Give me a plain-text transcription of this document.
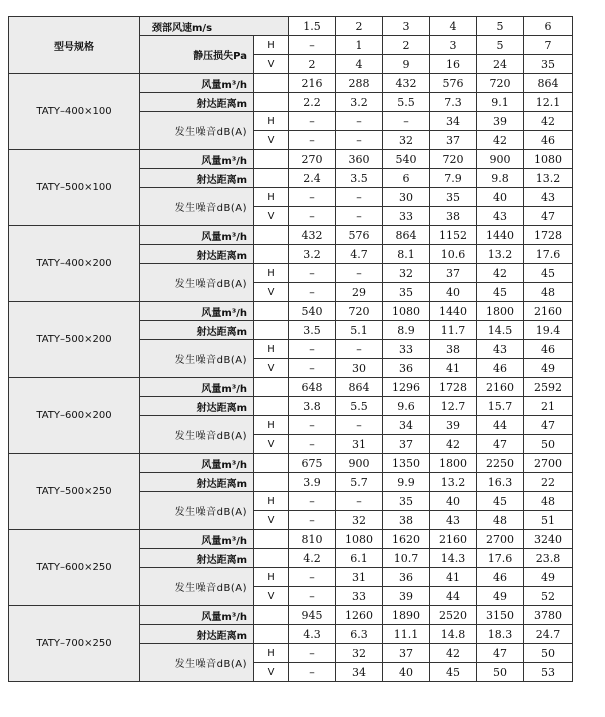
型号规格	颈部风速m/s		1.5	2	3	4	5	6
	静压损失Pa	H	–	1	2	3	5	7
		V	2	4	9	16	24	35
TATY–400×100	风量m³/h		216	288	432	576	720	864
	射达距离m		2.2	3.2	5.5	7.3	9.1	12.1
	发生噪音dB(A)	H	–	–	–	34	39	42
		V	–	–	32	37	42	46
TATY–500×100	风量m³/h		270	360	540	720	900	1080
	射达距离m		2.4	3.5	6	7.9	9.8	13.2
	发生噪音dB(A)	H	–	–	30	35	40	43
		V	–	–	33	38	43	47
TATY–400×200	风量m³/h		432	576	864	1152	1440	1728
	射达距离m		3.2	4.7	8.1	10.6	13.2	17.6
	发生噪音dB(A)	H	–	–	32	37	42	45
		V	–	29	35	40	45	48
TATY–500×200	风量m³/h		540	720	1080	1440	1800	2160
	射达距离m		3.5	5.1	8.9	11.7	14.5	19.4
	发生噪音dB(A)	H	–	–	33	38	43	46
		V	–	30	36	41	46	49
TATY–600×200	风量m³/h		648	864	1296	1728	2160	2592
	射达距离m		3.8	5.5	9.6	12.7	15.7	21
	发生噪音dB(A)	H	–	–	34	39	44	47
		V	–	31	37	42	47	50
TATY–500×250	风量m³/h		675	900	1350	1800	2250	2700
	射达距离m		3.9	5.7	9.9	13.2	16.3	22
	发生噪音dB(A)	H	–	–	35	40	45	48
		V	–	32	38	43	48	51
TATY–600×250	风量m³/h		810	1080	1620	2160	2700	3240
	射达距离m		4.2	6.1	10.7	14.3	17.6	23.8
	发生噪音dB(A)	H	–	31	36	41	46	49
		V	–	33	39	44	49	52
TATY–700×250	风量m³/h		945	1260	1890	2520	3150	3780
	射达距离m		4.3	6.3	11.1	14.8	18.3	24.7
	发生噪音dB(A)	H	–	32	37	42	47	50
		V	–	34	40	45	50	53
